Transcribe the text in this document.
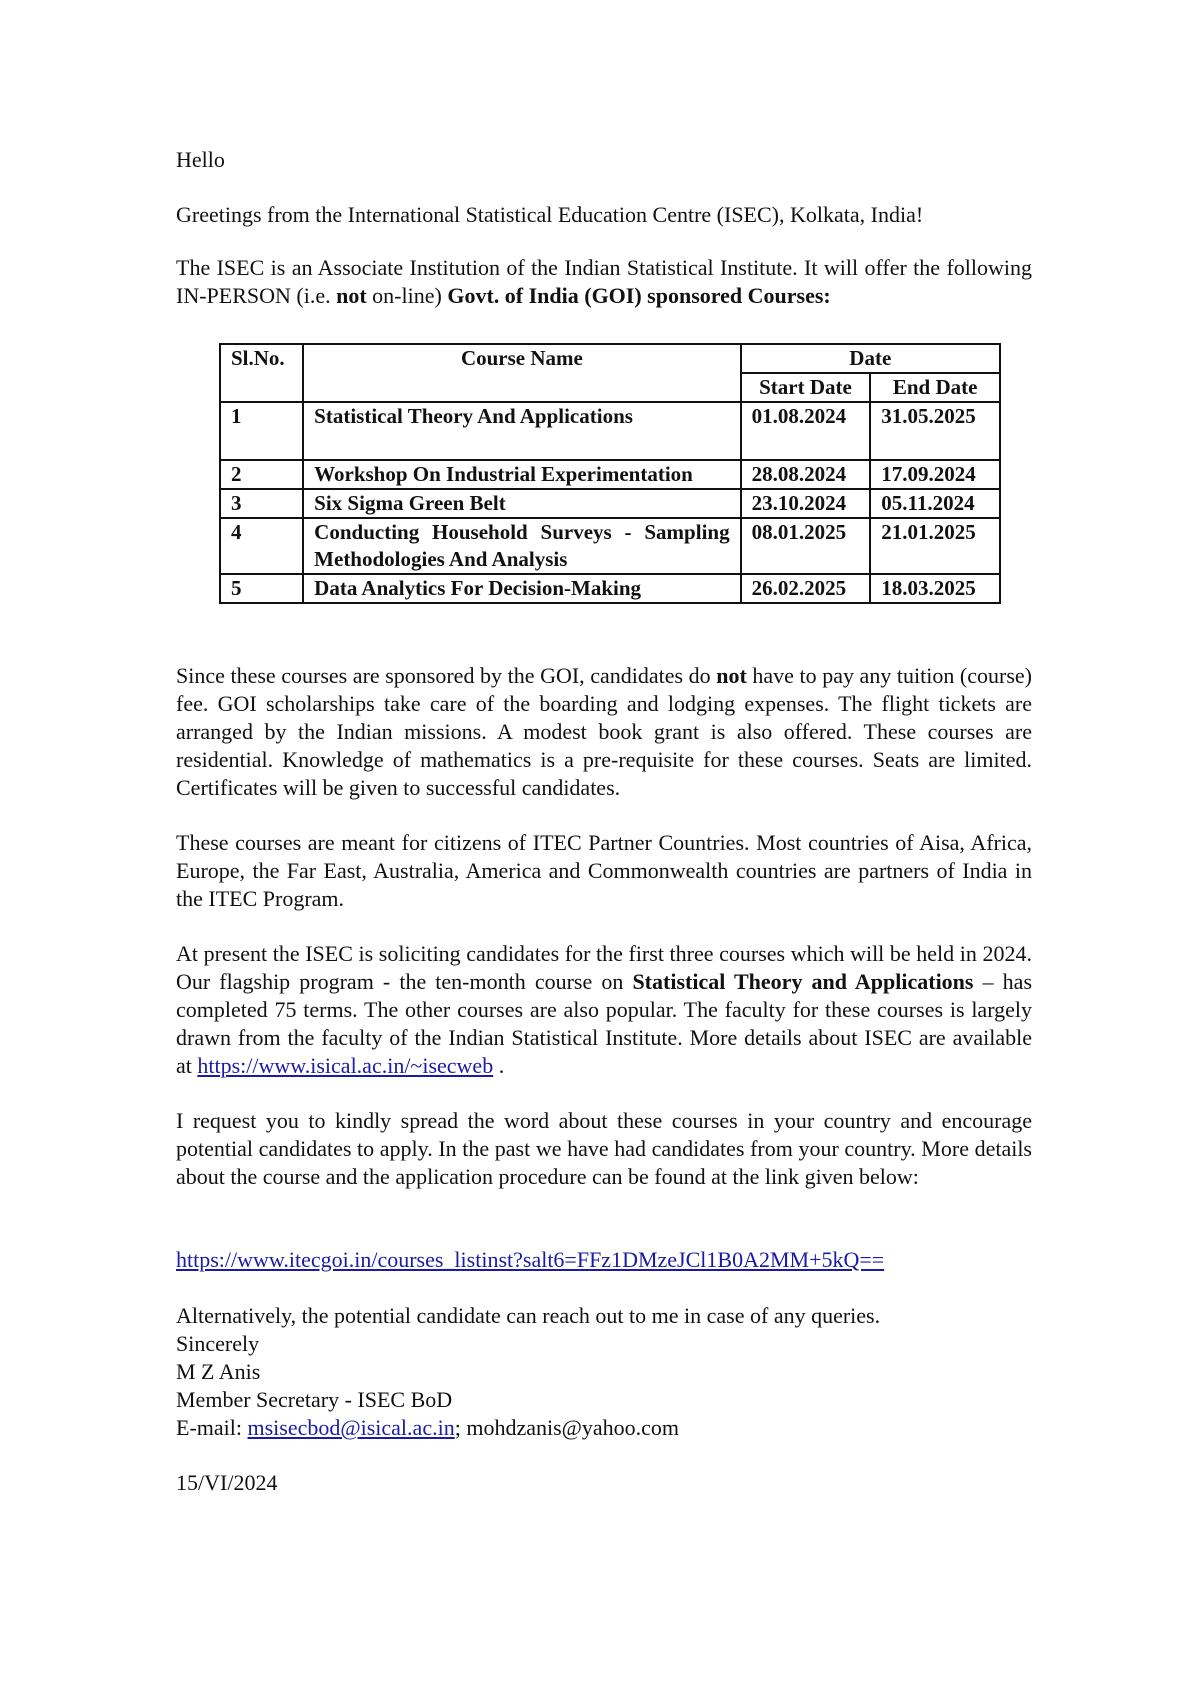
Hello

Greetings from the International Statistical Education Centre (ISEC), Kolkata, India!

The ISEC is an Associate Institution of the Indian Statistical Institute. It will offer the following IN-PERSON (i.e. not on-line) Govt. of India (GOI) sponsored Courses:

Sl.No.	Course Name	Date	
		Start Date	End Date
1	Statistical Theory And Applications	01.08.2024	31.05.2025
2	Workshop On Industrial Experimentation	28.08.2024	17.09.2024
3	Six Sigma Green Belt	23.10.2024	05.11.2024
4	Conducting Household Surveys - Sampling Methodologies And Analysis	08.01.2025	21.01.2025
5	Data Analytics For Decision-Making	26.02.2025	18.03.2025

Since these courses are sponsored by the GOI, candidates do not have to pay any tuition (course) fee. GOI scholarships take care of the boarding and lodging expenses. The flight tickets are arranged by the Indian missions. A modest book grant is also offered. These courses are residential. Knowledge of mathematics is a pre-requisite for these courses. Seats are limited. Certificates will be given to successful candidates.

These courses are meant for citizens of ITEC Partner Countries. Most countries of Aisa, Africa, Europe, the Far East, Australia, America and Commonwealth countries are partners of India in the ITEC Program.

At present the ISEC is soliciting candidates for the first three courses which will be held in 2024. Our flagship program - the ten-month course on Statistical Theory and Applications – has completed 75 terms. The other courses are also popular. The faculty for these courses is largely drawn from the faculty of the Indian Statistical Institute. More details about ISEC are available at https://www.isical.ac.in/~isecweb .

I request you to kindly spread the word about these courses in your country and encourage potential candidates to apply. In the past we have had candidates from your country. More details about the course and the application procedure can be found at the link given below:

https://www.itecgoi.in/courses_listinst?salt6=FFz1DMzeJCl1B0A2MM+5kQ==

Alternatively, the potential candidate can reach out to me in case of any queries.

Sincerely

M Z Anis

Member Secretary - ISEC BoD

E-mail: msisecbod@isical.ac.in; mohdzanis@yahoo.com

15/VI/2024
